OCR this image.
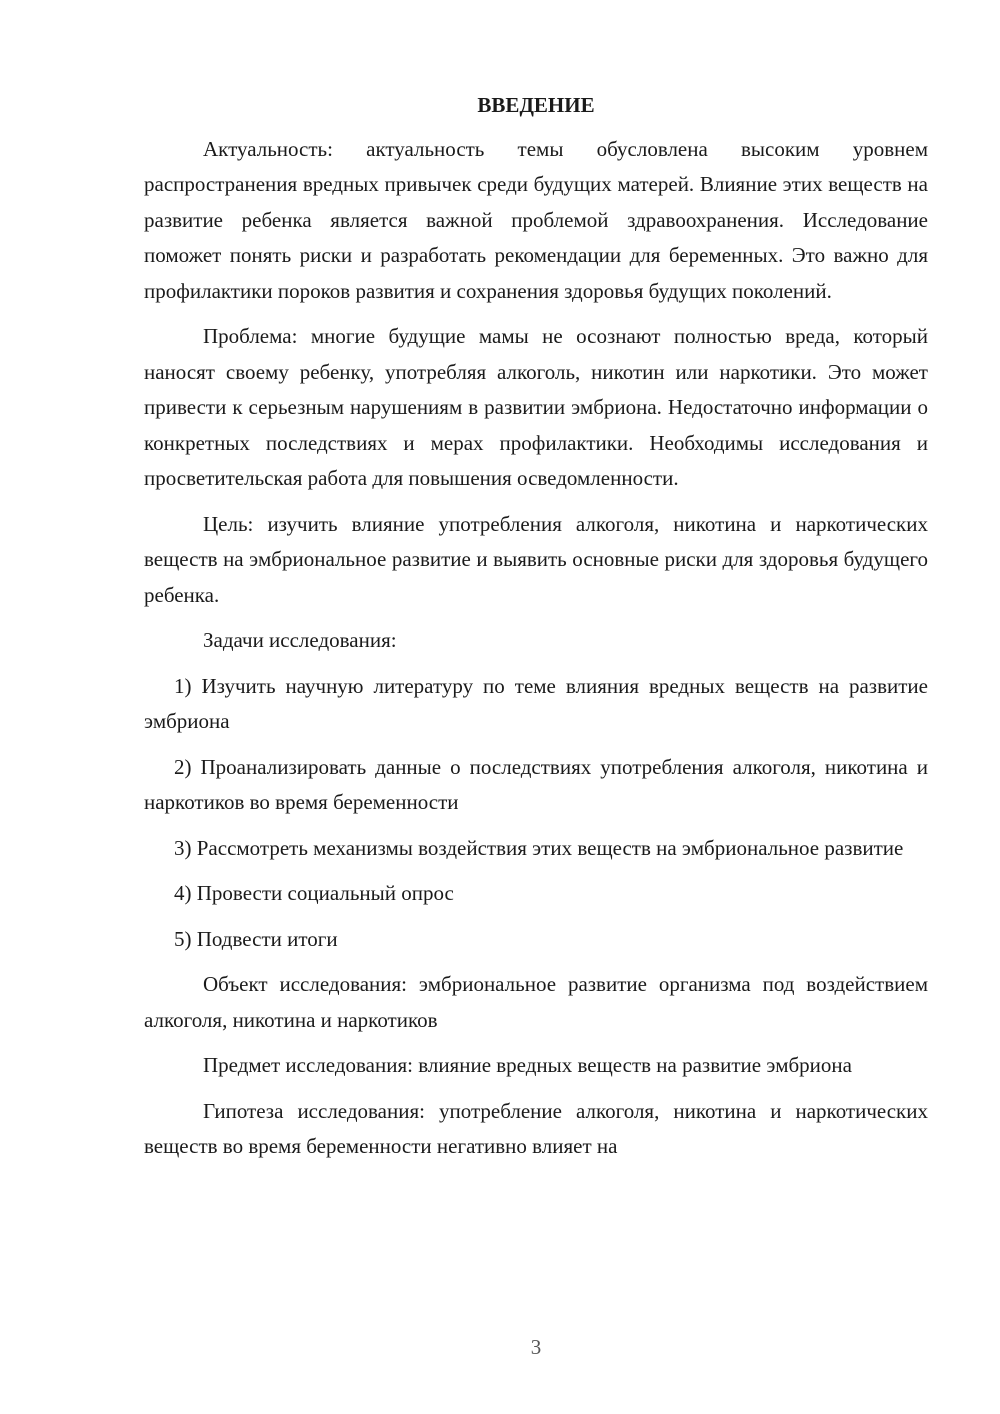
ВВЕДЕНИЕ

Актуальность: актуальность темы обусловлена высоким уровнем распространения вредных привычек среди будущих матерей. Влияние этих веществ на развитие ребенка является важной проблемой здравоохранения. Исследование поможет понять риски и разработать рекомендации для беременных. Это важно для профилактики пороков развития и сохранения здоровья будущих поколений.

Проблема: многие будущие мамы не осознают полностью вреда, который наносят своему ребенку, употребляя алкоголь, никотин или наркотики. Это может привести к серьезным нарушениям в развитии эмбриона. Недостаточно информации о конкретных последствиях и мерах профилактики. Необходимы исследования и просветительская работа для повышения осведомленности.

Цель: изучить влияние употребления алкоголя, никотина и наркотических веществ на эмбриональное развитие и выявить основные риски для здоровья будущего ребенка.

Задачи исследования:

1) Изучить научную литературу по теме влияния вредных веществ на развитие эмбриона

2) Проанализировать данные о последствиях употребления алкоголя, никотина и наркотиков во время беременности

3) Рассмотреть механизмы воздействия этих веществ на эмбриональное развитие

4) Провести социальный опрос

5) Подвести итоги

Объект исследования: эмбриональное развитие организма под воздействием алкоголя, никотина и наркотиков

Предмет исследования: влияние вредных веществ на развитие эмбриона

Гипотеза исследования: употребление алкоголя, никотина и наркотических веществ во время беременности негативно влияет на

3
